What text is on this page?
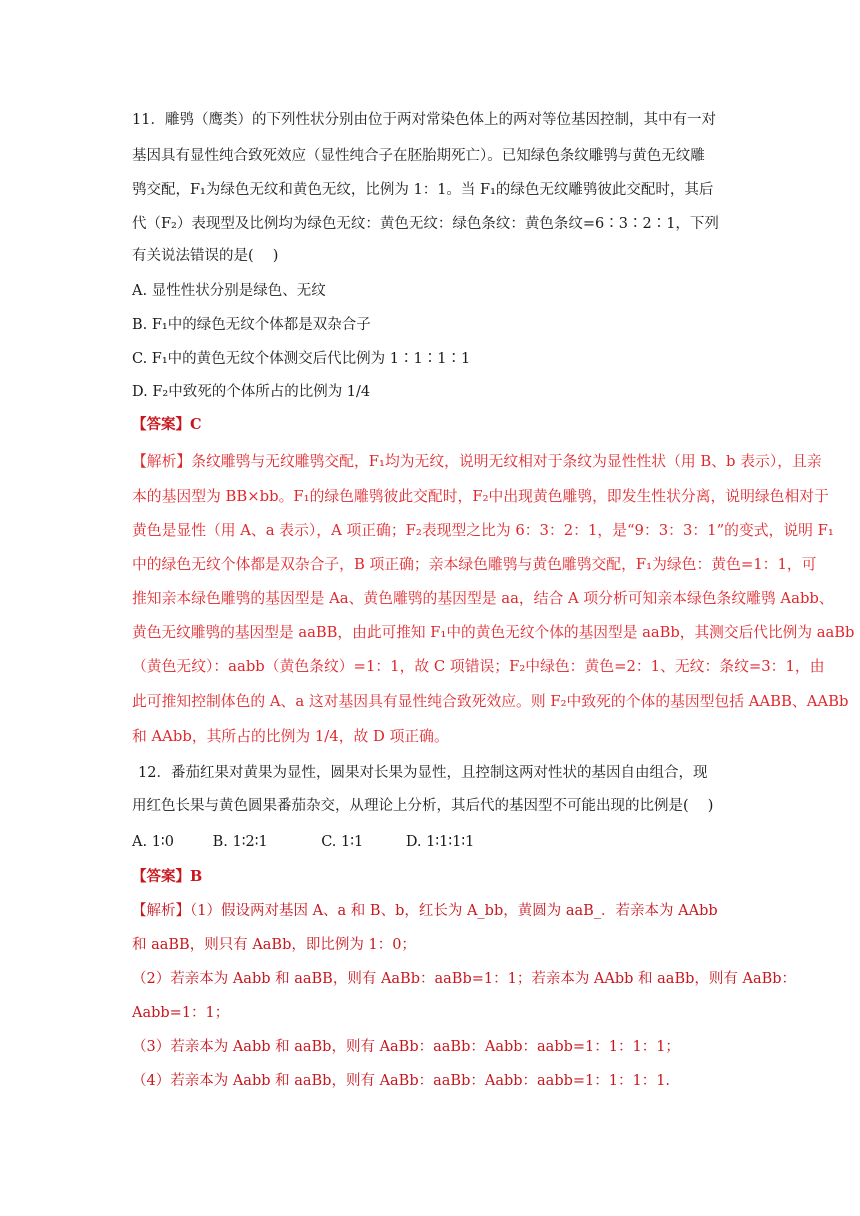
11．雕鸮（鹰类）的下列性状分别由位于两对常染色体上的两对等位基因控制，其中有一对
基因具有显性纯合致死效应（显性纯合子在胚胎期死亡）。已知绿色条纹雕鸮与黄色无纹雕
鸮交配，F₁为绿色无纹和黄色无纹，比例为 1：1。当 F₁的绿色无纹雕鸮彼此交配时，其后
代（F₂）表现型及比例均为绿色无纹：黄色无纹：绿色条纹：黄色条纹=6∶3∶2∶1，下列
有关说法错误的是(　 )
A. 显性性状分别是绿色、无纹
B. F₁中的绿色无纹个体都是双杂合子
C. F₁中的黄色无纹个体测交后代比例为 1∶1∶1∶1
D. F₂中致死的个体所占的比例为 1/4
【答案】C
【解析】条纹雕鸮与无纹雕鸮交配，F₁均为无纹，说明无纹相对于条纹为显性性状（用 B、b 表示），且亲
本的基因型为 BB×bb。F₁的绿色雕鸮彼此交配时，F₂中出现黄色雕鸮，即发生性状分离，说明绿色相对于
黄色是显性（用 A、a 表示），A 项正确；F₂表现型之比为 6：3：2：1，是“9：3：3：1”的变式，说明 F₁
中的绿色无纹个体都是双杂合子，B 项正确；亲本绿色雕鸮与黄色雕鸮交配，F₁为绿色：黄色=1：1，可
推知亲本绿色雕鸮的基因型是 Aa、黄色雕鸮的基因型是 aa，结合 A 项分析可知亲本绿色条纹雕鸮 Aabb、
黄色无纹雕鸮的基因型是 aaBB，由此可推知 F₁中的黄色无纹个体的基因型是 aaBb，其测交后代比例为 aaBb
（黄色无纹）：aabb（黄色条纹）=1：1，故 C 项错误；F₂中绿色：黄色=2：1、无纹：条纹=3：1，由
此可推知控制体色的 A、a 这对基因具有显性纯合致死效应。则 F₂中致死的个体的基因型包括 AABB、AABb
和 AAbb，其所占的比例为 1/4，故 D 项正确。
12．番茄红果对黄果为显性，圆果对长果为显性，且控制这两对性状的基因自由组合，现
用红色长果与黄色圆果番茄杂交，从理论上分析，其后代的基因型不可能出现的比例是(　 )
A. 1∶0	B. 1∶2∶1	C. 1∶1	D. 1∶1∶1∶1
【答案】B
【解析】（1）假设两对基因 A、a 和 B、b，红长为 A_bb，黄圆为 aaB_．若亲本为 AAbb
和 aaBB，则只有 AaBb，即比例为 1：0；
（2）若亲本为 Aabb 和 aaBB，则有 AaBb：aaBb=1：1；若亲本为 AAbb 和 aaBb，则有 AaBb：
Aabb=1：1；
（3）若亲本为 Aabb 和 aaBb，则有 AaBb：aaBb：Aabb：aabb=1：1：1：1；
（4）若亲本为 Aabb 和 aaBb，则有 AaBb：aaBb：Aabb：aabb=1：1：1：1.
